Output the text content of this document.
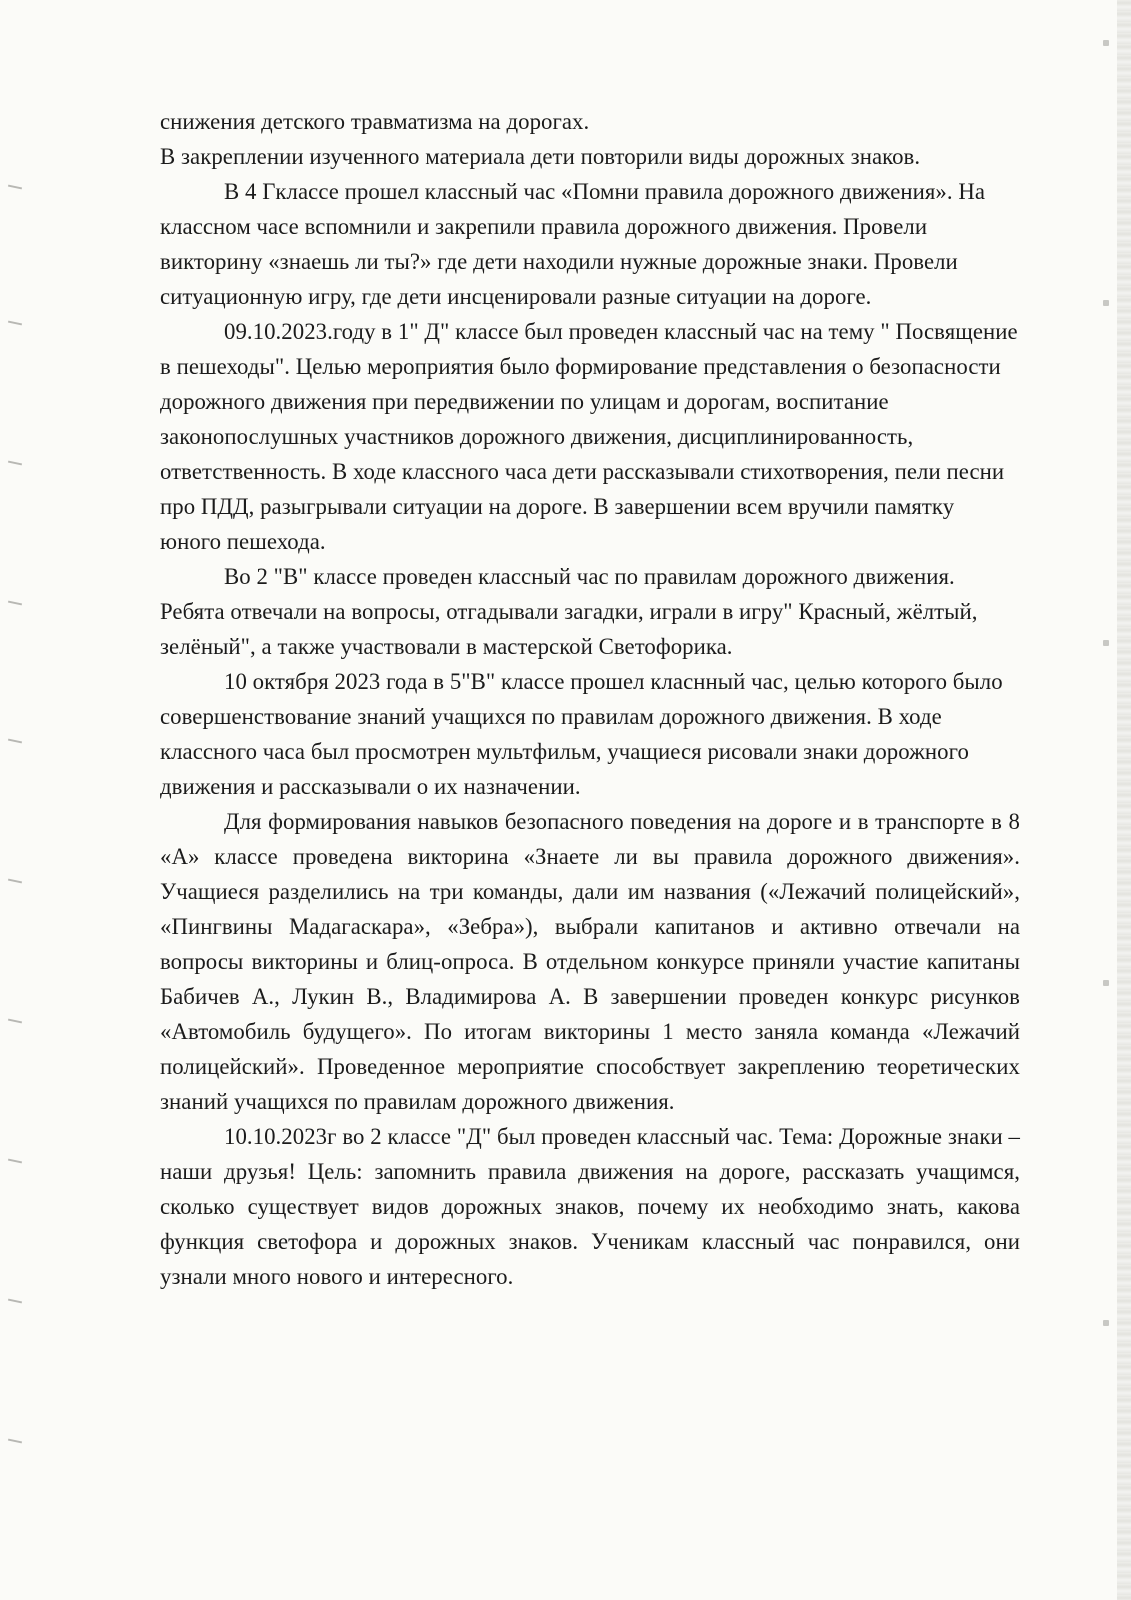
снижения детского травматизма на дорогах.

В закреплении изученного материала дети повторили виды дорожных знаков.

В 4 Гклассе прошел классный час «Помни правила дорожного движения». На классном часе вспомнили и закрепили правила дорожного движения. Провели викторину «знаешь ли ты?» где дети находили нужные дорожные знаки. Провели ситуационную игру, где дети инсценировали разные ситуации на дороге.

09.10.2023.году в 1" Д" классе был проведен классный час на тему " Посвящение в пешеходы". Целью мероприятия было формирование представления о безопасности дорожного движения при передвижении по улицам и дорогам, воспитание законопослушных участников дорожного движения, дисциплинированность, ответственность. В ходе классного часа дети рассказывали стихотворения, пели песни про ПДД, разыгрывали ситуации на дороге. В завершении всем вручили памятку юного пешехода.

Во 2 "В" классе проведен классный час по правилам дорожного движения. Ребята отвечали на вопросы, отгадывали загадки, играли в игру" Красный, жёлтый, зелёный", а также участвовали в мастерской Светофорика.

10 октября 2023 года в 5"В" классе прошел класнный час, целью которого было совершенствование знаний учащихся по правилам дорожного движения. В ходе классного часа был просмотрен мультфильм, учащиеся рисовали знаки дорожного движения и рассказывали о их назначении.

Для формирования навыков безопасного поведения на дороге и в транспорте в 8 «А» классе проведена викторина «Знаете ли вы правила дорожного движения». Учащиеся разделились на три команды, дали им названия («Лежачий полицейский», «Пингвины Мадагаскара», «Зебра»), выбрали капитанов и активно отвечали на вопросы викторины и блиц-опроса. В отдельном конкурсе приняли участие капитаны Бабичев А., Лукин В., Владимирова А. В завершении проведен конкурс рисунков «Автомобиль будущего». По итогам викторины 1 место заняла команда «Лежачий полицейский». Проведенное мероприятие способствует закреплению теоретических знаний учащихся по правилам дорожного движения.

10.10.2023г во 2 классе "Д" был проведен классный час. Тема: Дорожные знаки – наши друзья! Цель: запомнить правила движения на дороге, рассказать учащимся, сколько существует видов дорожных знаков, почему их необходимо знать, какова функция светофора и дорожных знаков. Ученикам классный час понравился, они узнали много нового и интересного.
